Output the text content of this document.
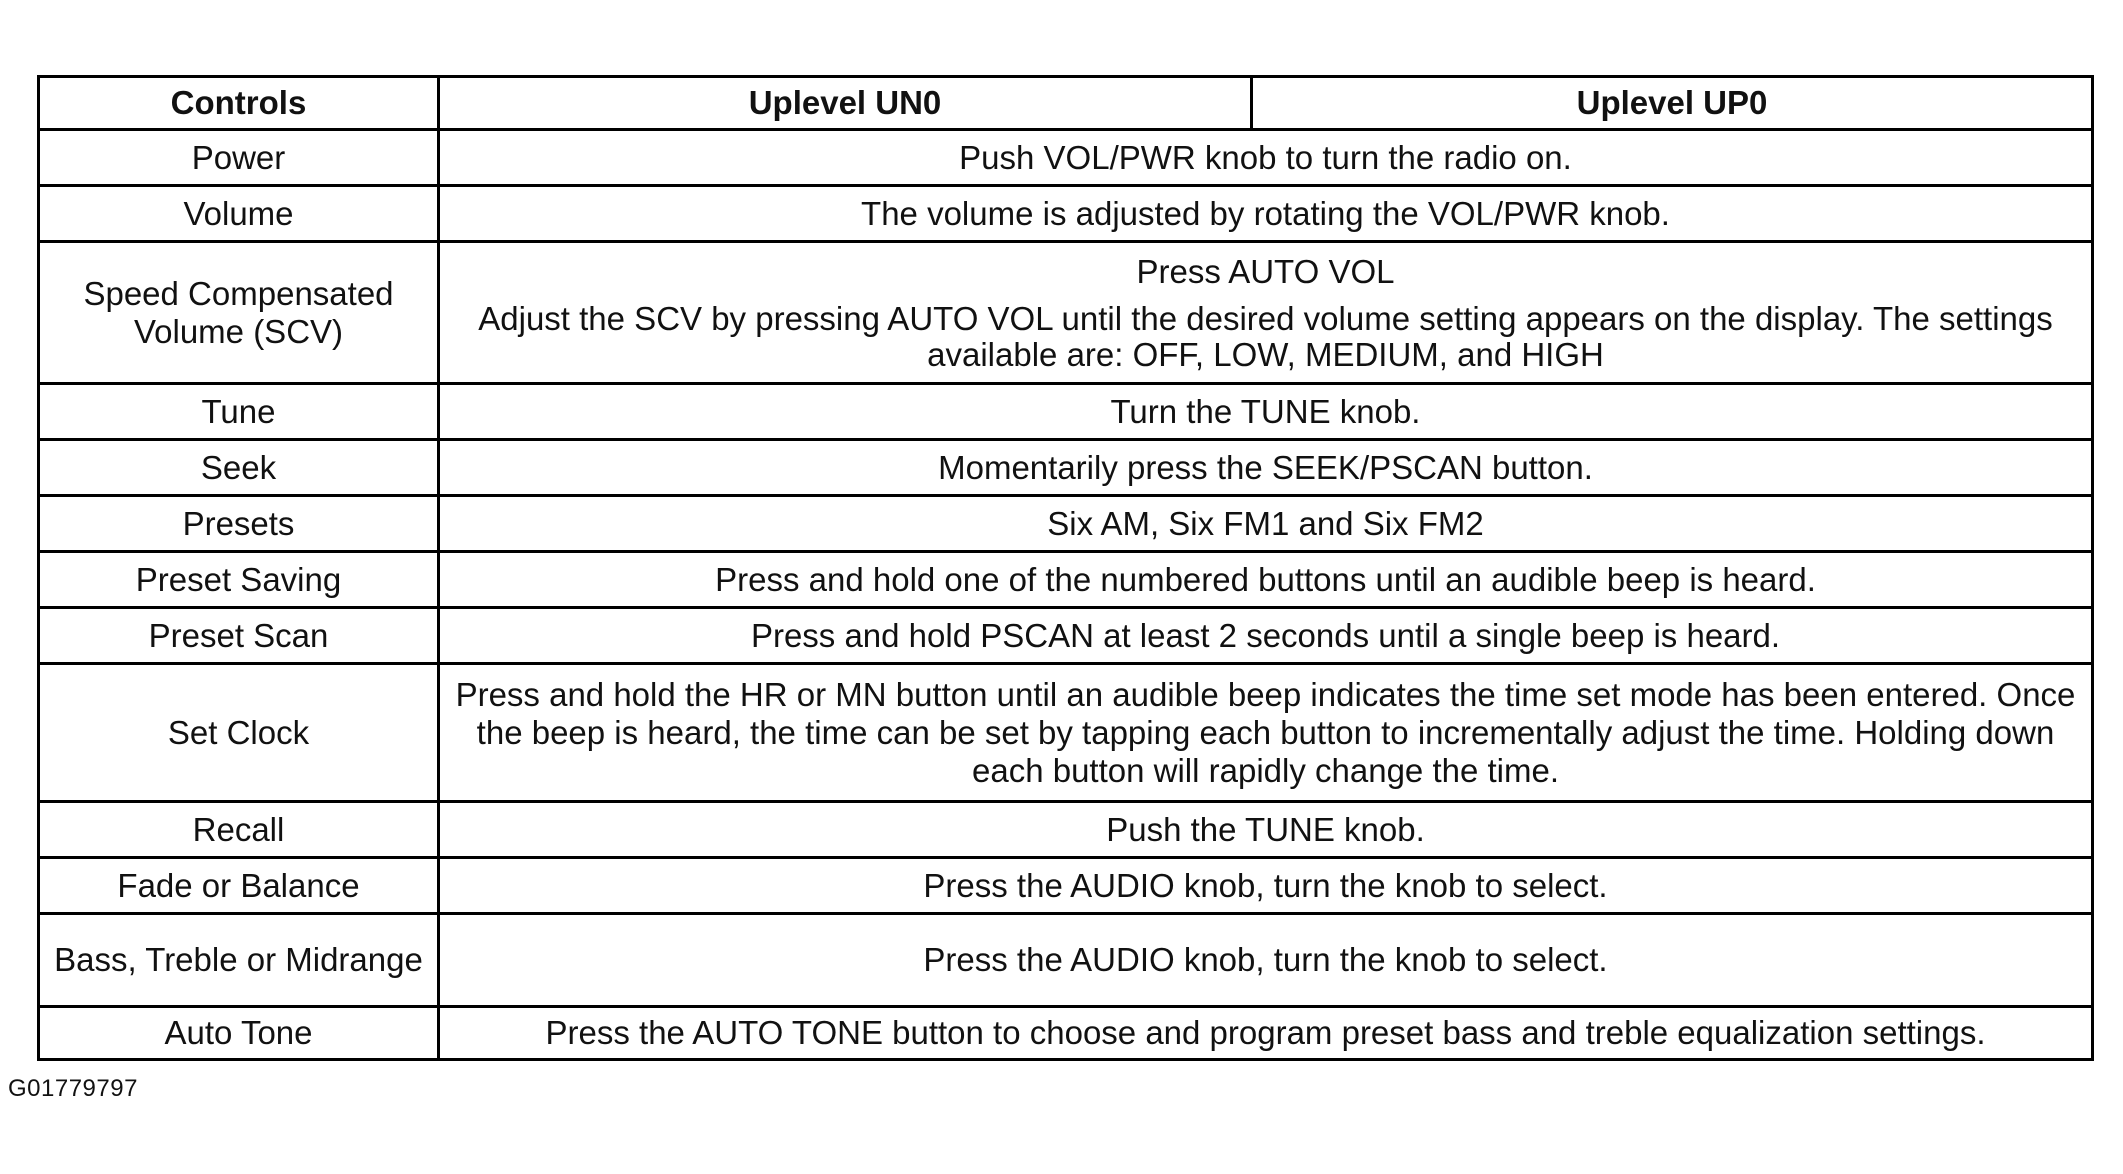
Controls	Uplevel UN0	Uplevel UP0
Power	Push VOL/PWR knob to turn the radio on.	
Volume	The volume is adjusted by rotating the VOL/PWR knob.	
Speed Compensated Volume (SCV)	Press AUTO VOL
Adjust the SCV by pressing AUTO VOL until the desired volume setting appears on the display. The settings available are: OFF, LOW, MEDIUM, and HIGH	

Tune	Turn the TUNE knob.	
Seek	Momentarily press the SEEK/PSCAN button.	
Presets	Six AM, Six FM1 and Six FM2	
Preset Saving	Press and hold one of the numbered buttons until an audible beep is heard.	
Preset Scan	Press and hold PSCAN at least 2 seconds until a single beep is heard.	
Set Clock	Press and hold the HR or MN button until an audible beep indicates the time set mode has been entered. Once the beep is heard, the time can be set by tapping each button to incrementally adjust the time. Holding down each button will rapidly change the time.	
Recall	Push the TUNE knob.	
Fade or Balance	Press the AUDIO knob, turn the knob to select.	
Bass, Treble or Midrange	Press the AUDIO knob, turn the knob to select.	
Auto Tone	Press the AUTO TONE button to choose and program preset bass and treble equalization settings.	
G01779797
